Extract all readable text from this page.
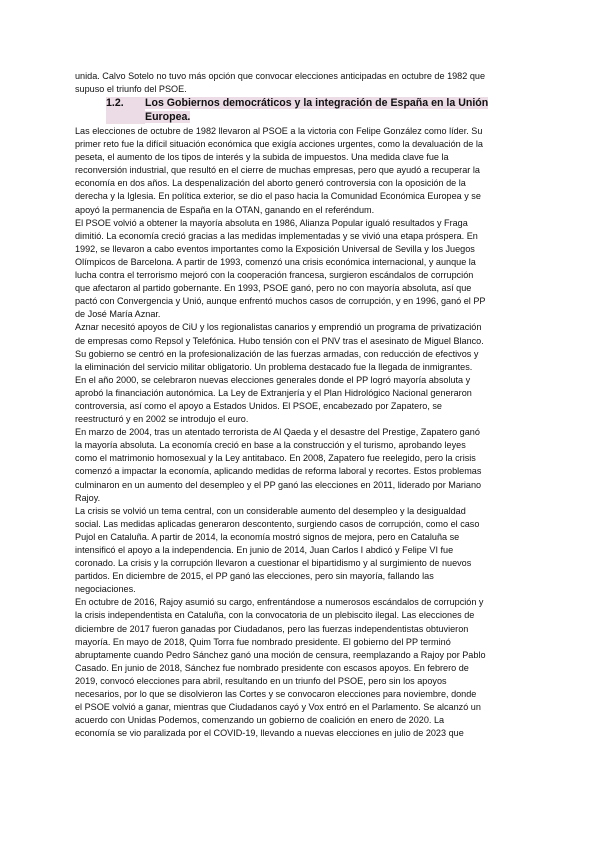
unida. Calvo Sotelo no tuvo más opción que convocar elecciones anticipadas en octubre de 1982 que
supuso el triunfo del PSOE.
1.2.	Los Gobiernos democráticos y la integración de España en la Unión
Europea.
Las elecciones de octubre de 1982 llevaron al PSOE a la victoria con Felipe González como líder. Su
primer reto fue la difícil situación económica que exigía acciones urgentes, como la devaluación de la
peseta, el aumento de los tipos de interés y la subida de impuestos. Una medida clave fue la
reconversión industrial, que resultó en el cierre de muchas empresas, pero que ayudó a recuperar la
economía en dos años. La despenalización del aborto generó controversia con la oposición de la
derecha y la Iglesia. En política exterior, se dio el paso hacia la Comunidad Económica Europea y se
apoyó la permanencia de España en la OTAN, ganando en el referéndum.
El PSOE volvió a obtener la mayoría absoluta en 1986, Alianza Popular igualó resultados y Fraga
dimitió. La economía creció gracias a las medidas implementadas y se vivió una etapa próspera. En
1992, se llevaron a cabo eventos importantes como la Exposición Universal de Sevilla y los Juegos
Olímpicos de Barcelona. A partir de 1993, comenzó una crisis económica internacional, y aunque la
lucha contra el terrorismo mejoró con la cooperación francesa, surgieron escándalos de corrupción
que afectaron al partido gobernante. En 1993, PSOE ganó, pero no con mayoría absoluta, así que
pactó con Convergencia y Unió, aunque enfrentó muchos casos de corrupción, y en 1996, ganó el PP
de José María Aznar.
Aznar necesitó apoyos de CiU y los regionalistas canarios y emprendió un programa de privatización
de empresas como Repsol y Telefónica. Hubo tensión con el PNV tras el asesinato de Miguel Blanco.
Su gobierno se centró en la profesionalización de las fuerzas armadas, con reducción de efectivos y
la eliminación del servicio militar obligatorio. Un problema destacado fue la llegada de inmigrantes.
En el año 2000, se celebraron nuevas elecciones generales donde el PP logró mayoría absoluta y
aprobó la financiación autonómica. La Ley de Extranjería y el Plan Hidrológico Nacional generaron
controversia, así como el apoyo a Estados Unidos. El PSOE, encabezado por Zapatero, se
reestructuró y en 2002 se introdujo el euro.
En marzo de 2004, tras un atentado terrorista de Al Qaeda y el desastre del Prestige, Zapatero ganó
la mayoría absoluta. La economía creció en base a la construcción y el turismo, aprobando leyes
como el matrimonio homosexual y la Ley antitabaco. En 2008, Zapatero fue reelegido, pero la crisis
comenzó a impactar la economía, aplicando medidas de reforma laboral y recortes. Estos problemas
culminaron en un aumento del desempleo y el PP ganó las elecciones en 2011, liderado por Mariano
Rajoy.
La crisis se volvió un tema central, con un considerable aumento del desempleo y la desigualdad
social. Las medidas aplicadas generaron descontento, surgiendo casos de corrupción, como el caso
Pujol en Cataluña. A partir de 2014, la economía mostró signos de mejora, pero en Cataluña se
intensificó el apoyo a la independencia. En junio de 2014, Juan Carlos I abdicó y Felipe VI fue
coronado. La crisis y la corrupción llevaron a cuestionar el bipartidismo y al surgimiento de nuevos
partidos. En diciembre de 2015, el PP ganó las elecciones, pero sin mayoría, fallando las
negociaciones.
En octubre de 2016, Rajoy asumió su cargo, enfrentándose a numerosos escándalos de corrupción y
la crisis independentista en Cataluña, con la convocatoria de un plebiscito ilegal. Las elecciones de
diciembre de 2017 fueron ganadas por Ciudadanos, pero las fuerzas independentistas obtuvieron
mayoría. En mayo de 2018, Quim Torra fue nombrado presidente. El gobierno del PP terminó
abruptamente cuando Pedro Sánchez ganó una moción de censura, reemplazando a Rajoy por Pablo
Casado. En junio de 2018, Sánchez fue nombrado presidente con escasos apoyos. En febrero de
2019, convocó elecciones para abril, resultando en un triunfo del PSOE, pero sin los apoyos
necesarios, por lo que se disolvieron las Cortes y se convocaron elecciones para noviembre, donde
el PSOE volvió a ganar, mientras que Ciudadanos cayó y Vox entró en el Parlamento. Se alcanzó un
acuerdo con Unidas Podemos, comenzando un gobierno de coalición en enero de 2020. La
economía se vio paralizada por el COVID-19, llevando a nuevas elecciones en julio de 2023 que
